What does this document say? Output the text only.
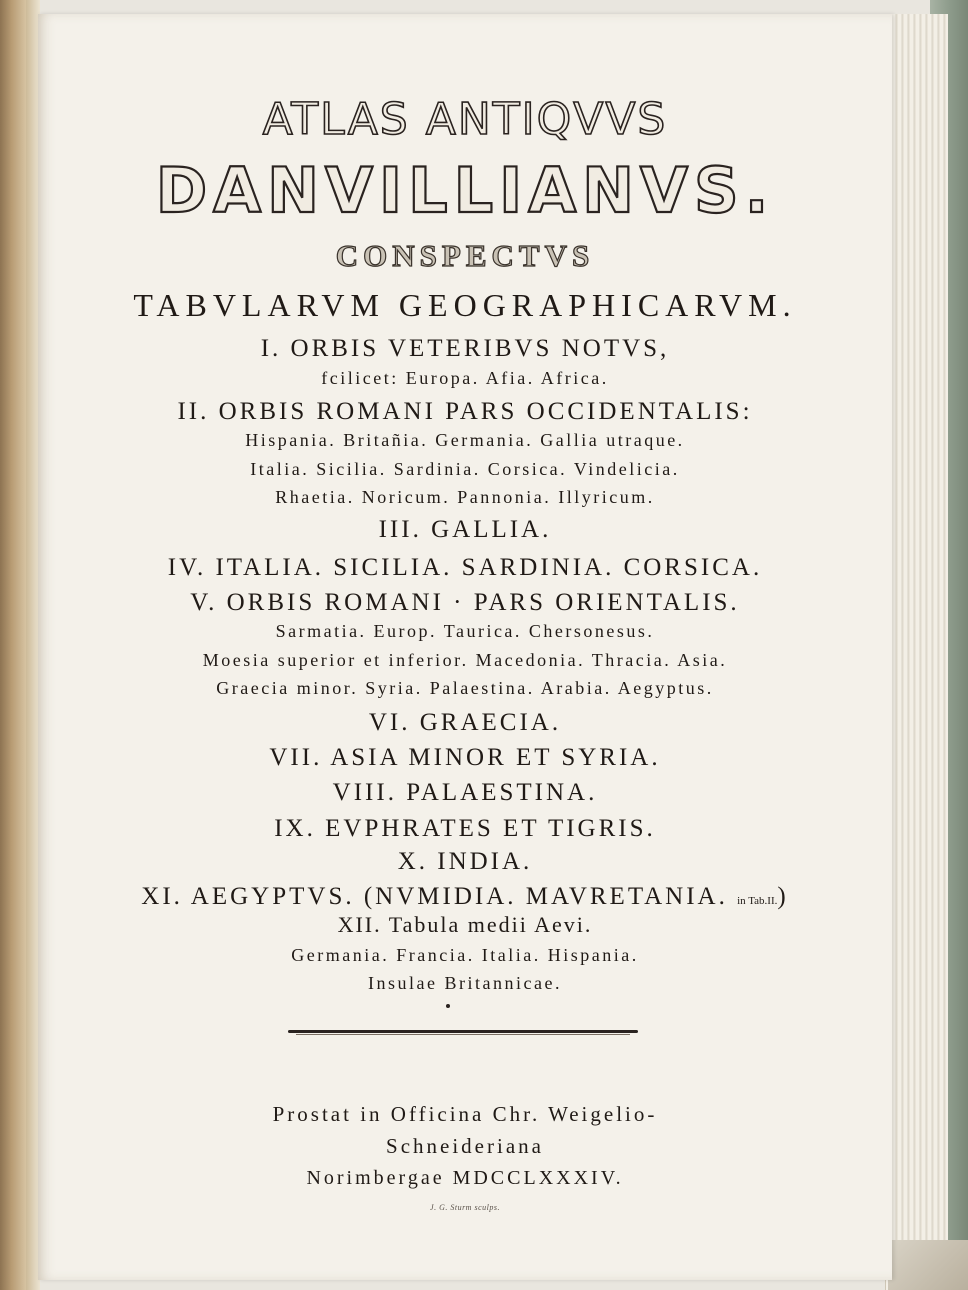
ATLAS ANTIQVVS
DANVILLIANVS.
CONSPECTVS
TABVLARVM GEOGRAPHICARVM.
I. ORBIS VETERIBVS NOTVS,
fcilicet: Europa. Afia. Africa.
II. ORBIS ROMANI PARS OCCIDENTALIS:
Hispania. Britañia. Germania. Gallia utraque.
Italia. Sicilia. Sardinia. Corsica. Vindelicia.
Rhaetia. Noricum. Pannonia. Illyricum.
III. GALLIA.
IV. ITALIA. SICILIA. SARDINIA. CORSICA.
V. ORBIS ROMANI · PARS ORIENTALIS.
Sarmatia. Europ. Taurica. Chersonesus.
Moesia superior et inferior. Macedonia. Thracia. Asia.
Graecia minor. Syria. Palaestina. Arabia. Aegyptus.
VI. GRAECIA.
VII. ASIA MINOR ET SYRIA.
VIII. PALAESTINA.
IX. EVPHRATES ET TIGRIS.
X. INDIA.
XI. AEGYPTVS. (NVMIDIA. MAVRETANIA. in Tab.II.)
XII. Tabula medii Aevi.
Germania. Francia. Italia. Hispania.
Insulae Britannicae.
Prostat in Officina Chr. Weigelio-
Schneideriana
Norimbergae MDCCLXXXIV.
J. G. Sturm sculps.
